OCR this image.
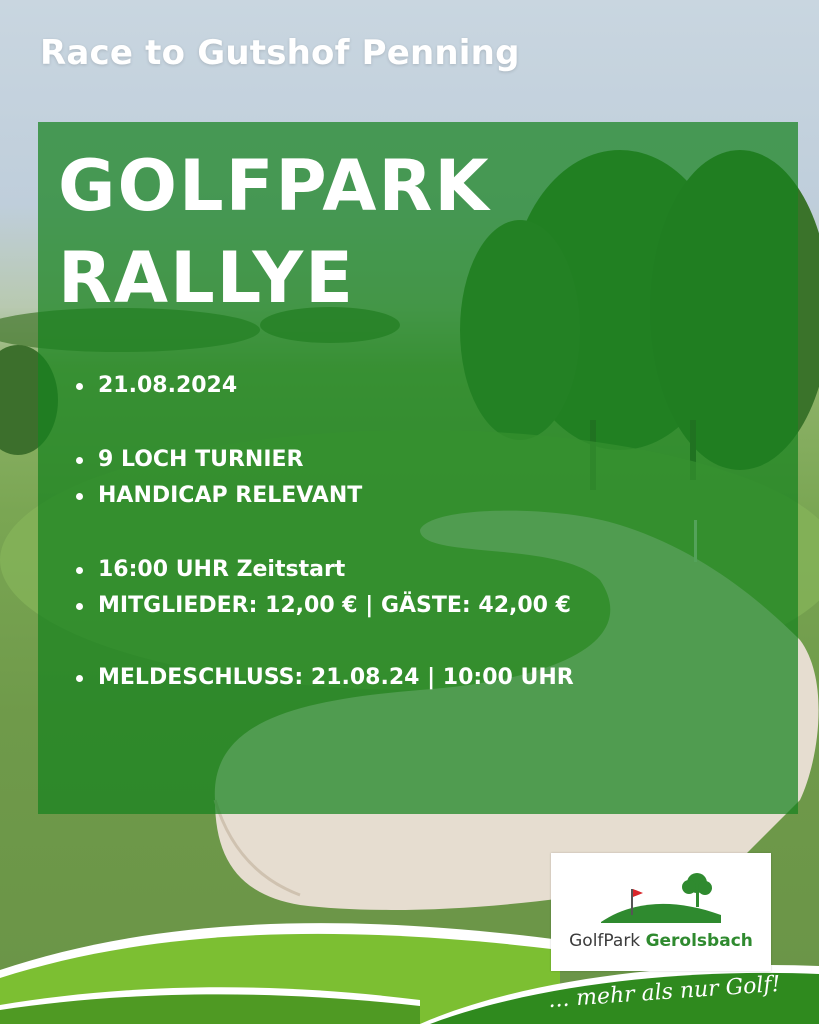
Race to Gutshof Penning
GOLFPARK
RALLYE
21.08.2024
9 LOCH TURNIER
HANDICAP RELEVANT
16:00 UHR Zeitstart
MITGLIEDER: 12,00 € | GÄSTE: 42,00 €
MELDESCHLUSS: 21.08.24 | 10:00 UHR
GolfPark Gerolsbach
... mehr als nur Golf!
